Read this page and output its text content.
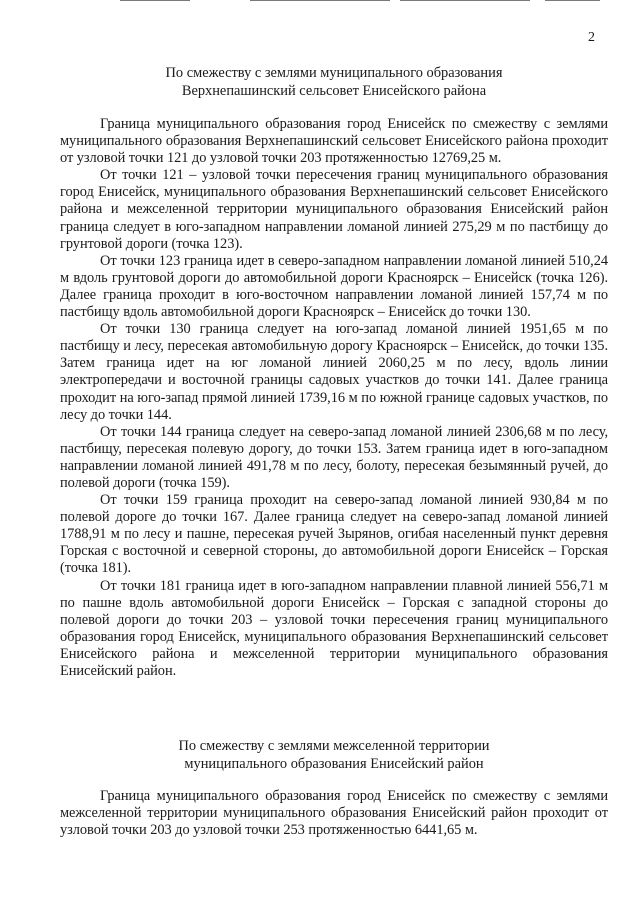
2
По смежеству с землями муниципального образования
Верхнепашинский сельсовет Енисейского района

Граница муниципального образования город Енисейск по смежеству с землями муниципального образования Верхнепашинский сельсовет Енисейского района проходит от узловой точки 121 до узловой точки 203 протяженностью 12769,25 м.

От точки 121 – узловой точки пересечения границ муниципального образования город Енисейск, муниципального образования Верхнепашинский сельсовет Енисейского района и межселенной территории муниципального образования Енисейский район граница следует в юго-западном направлении ломаной линией 275,29 м по пастбищу до грунтовой дороги (точка 123).

От точки 123 граница идет в северо-западном направлении ломаной линией 510,24 м вдоль грунтовой дороги до автомобильной дороги Красноярск – Енисейск (точка 126). Далее граница проходит в юго-восточном направлении ломаной линией 157,74 м по пастбищу вдоль автомобильной дороги Красноярск – Енисейск до точки 130.

От точки 130 граница следует на юго-запад ломаной линией 1951,65 м по пастбищу и лесу, пересекая автомобильную дорогу Красноярск – Енисейск, до точки 135. Затем граница идет на юг ломаной линией 2060,25 м по лесу, вдоль линии электропередачи и восточной границы садовых участков до точки 141. Далее граница проходит на юго-запад прямой линией 1739,16 м по южной границе садовых участков, по лесу до точки 144.

От точки 144 граница следует на северо-запад ломаной линией 2306,68 м по лесу, пастбищу, пересекая полевую дорогу, до точки 153. Затем граница идет в юго-западном направлении ломаной линией 491,78 м по лесу, болоту, пересекая безымянный ручей, до полевой дороги (точка 159).

От точки 159 граница проходит на северо-запад ломаной линией 930,84 м по полевой дороге до точки 167. Далее граница следует на северо-запад ломаной линией 1788,91 м по лесу и пашне, пересекая ручей Зырянов, огибая населенный пункт деревня Горская с восточной и северной стороны, до автомобильной дороги Енисейск – Горская (точка 181).

От точки 181 граница идет в юго-западном направлении плавной линией 556,71 м по пашне вдоль автомобильной дороги Енисейск – Горская с западной стороны до полевой дороги до точки 203 – узловой точки пересечения границ муниципального образования город Енисейск, муниципального образования Верхнепашинский сельсовет Енисейского района и межселенной территории муниципального образования Енисейский район.

По смежеству с землями межселенной территории
муниципального образования Енисейский район

Граница муниципального образования город Енисейск по смежеству с землями межселенной территории муниципального образования Енисейский район проходит от узловой точки 203 до узловой точки 253 протяженностью 6441,65 м.
